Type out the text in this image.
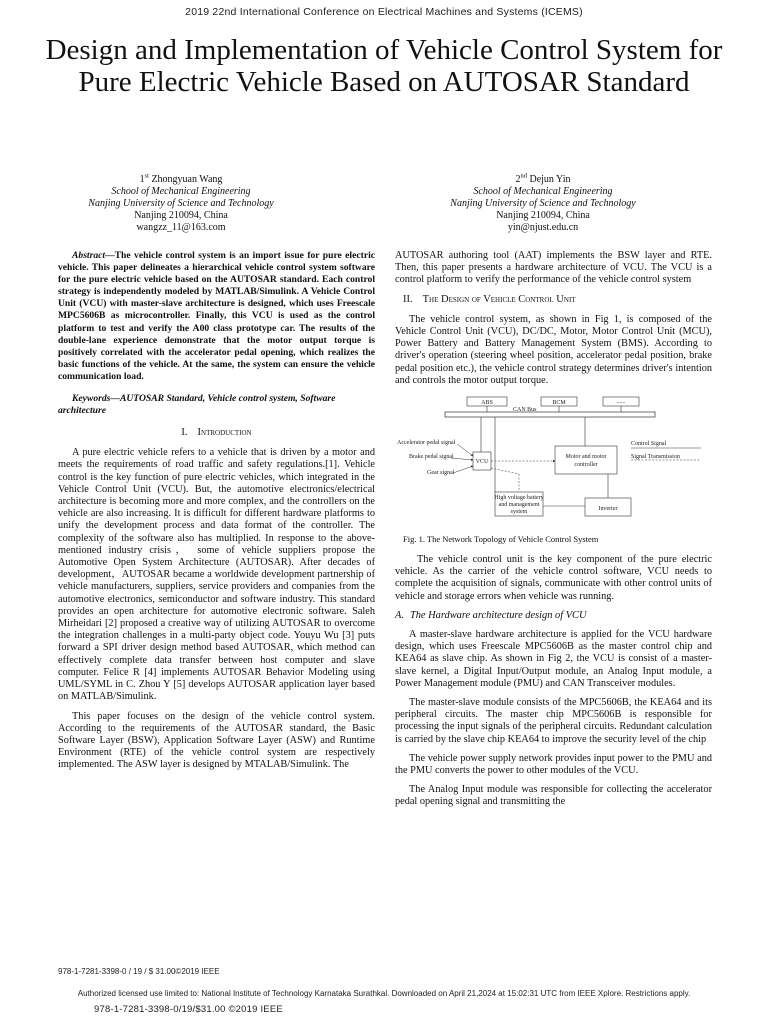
2019 22nd International Conference on Electrical Machines and Systems (ICEMS)
Design and Implementation of Vehicle Control System for Pure Electric Vehicle Based on AUTOSAR Standard
1st Zhongyuan Wang
School of Mechanical Engineering
Nanjing University of Science and Technology
Nanjing 210094, China
wangzz_11@163.com
2nd Dejun Yin
School of Mechanical Engineering
Nanjing University of Science and Technology
Nanjing 210094, China
yin@njust.edu.cn

Abstract—The vehicle control system is an import issue for pure electric vehicle. This paper delineates a hierarchical vehicle control system software for the pure electric vehicle based on the AUTOSAR standard. Each control strategy is independently modeled by MATLAB/Simulink. A Vehicle Control Unit (VCU) with master-slave architecture is designed, which uses Freescale MPC5606B as microcontroller. Finally, this VCU is used as the control platform to test and verify the A00 class prototype car. The results of the double-lane experience demonstrate that the motor output torque is positively correlated with the accelerator pedal opening, which realizes the basic functions of the vehicle. At the same, the system can ensure the vehicle communication load.

Keywords—AUTOSAR Standard, Vehicle control system, Software architecture

I. Introduction

A pure electric vehicle refers to a vehicle that is driven by a motor and meets the requirements of road traffic and safety regulations.[1]. Vehicle control is the key function of pure electric vehicles, which integrated in the Vehicle Control Unit (VCU). But, the automotive electronics/electrical architecture is becoming more and more complex, and the controllers on the vehicle are also increasing. It is difficult for different hardware platforms to unify the development process and data format of the controller. The complexity of the software also has multiplied. In response to the above-mentioned industry crisis， some of vehicle suppliers propose the Automotive Open System Architecture (AUTOSAR). After decades of development，AUTOSAR became a worldwide development partnership of vehicle manufacturers, suppliers, service providers and companies from the automotive electronics, semiconductor and software industry. This standard provides an open architecture for automotive electronic software. Saleh Mirheidari [2] proposed a creative way of utilizing AUTOSAR to overcome the integration challenges in a multi-party object code. Youyu Wu [3] puts forward a SPI driver design method based AUTOSAR, which method can effectively complete data transfer between host computer and slave computer. Felice R [4] implements AUTOSAR Behavior Modeling using UML/SYML in C. Zhou Y [5] develops AUTOSAR application layer based on MATLAB/Simulink.

This paper focuses on the design of the vehicle control system. According to the requirements of the AUTOSAR standard, the Basic Software Layer (BSW), Application Software Layer (ASW) and Runtime Environment (RTE) of the vehicle control system are respectively implemented. The ASW layer is designed by MTALAB/Simulink. The

AUTOSAR authoring tool (AAT) implements the BSW layer and RTE. Then, this paper presents a hardware architecture of VCU. The VCU is a control platform to verify the performance of the vehicle control system

II. The Design of Vehicle Control Unit

The vehicle control system, as shown in Fig 1, is composed of the Vehicle Control Unit (VCU), DC/DC, Motor, Motor Control Unit (MCU), Power Battery and Battery Management System (BMS). According to driver's operation (steering wheel position, accelerator pedal position, brake pedal position etc.), the vehicle control strategy determines driver's intention and controls the motor output torque.

ABS	BCM	......
CAN Bus
Accelerator pedal signal
Brake pedal signal
Gear signal
VCU
Motor and motor
controller
Control Signal
Signal Transmission
High voltage battery
and management
system	Inverter
Fig. 1. The Network Topology of Vehicle Control System

The vehicle control unit is the key component of the pure electric vehicle. As the carrier of the vehicle control software, VCU needs to complete the acquisition of signals, communicate with other control units of vehicle and storage errors when vehicle was running.

A. The Hardware architecture design of VCU

A master-slave hardware architecture is applied for the VCU hardware design, which uses Freescale MPC5606B as the master control chip and KEA64 as slave chip. As shown in Fig 2, the VCU is consist of a master-slave kernel, a Digital Input/Output module, an Analog Input module, a Power Management module (PMU) and CAN Transceiver modules.

The master-slave module consists of the MPC5606B, the KEA64 and its peripheral circuits. The master chip MPC5606B is responsible for processing the input signals of the peripheral circuits. Redundant calculation is carried by the slave chip KEA64 to improve the security level of the chip

The vehicle power supply network provides input power to the PMU and the PMU converts the power to other modules of the VCU.

The Analog Input module was responsible for collecting the accelerator pedal opening signal and transmitting the

978-1-7281-3398-0 / 19 / $ 31.00©2019 IEEE
Authorized licensed use limited to: National Institute of Technology Karnataka Surathkal. Downloaded on April 21,2024 at 15:02:31 UTC from IEEE Xplore. Restrictions apply.
978-1-7281-3398-0/19/$31.00 ©2019 IEEE
